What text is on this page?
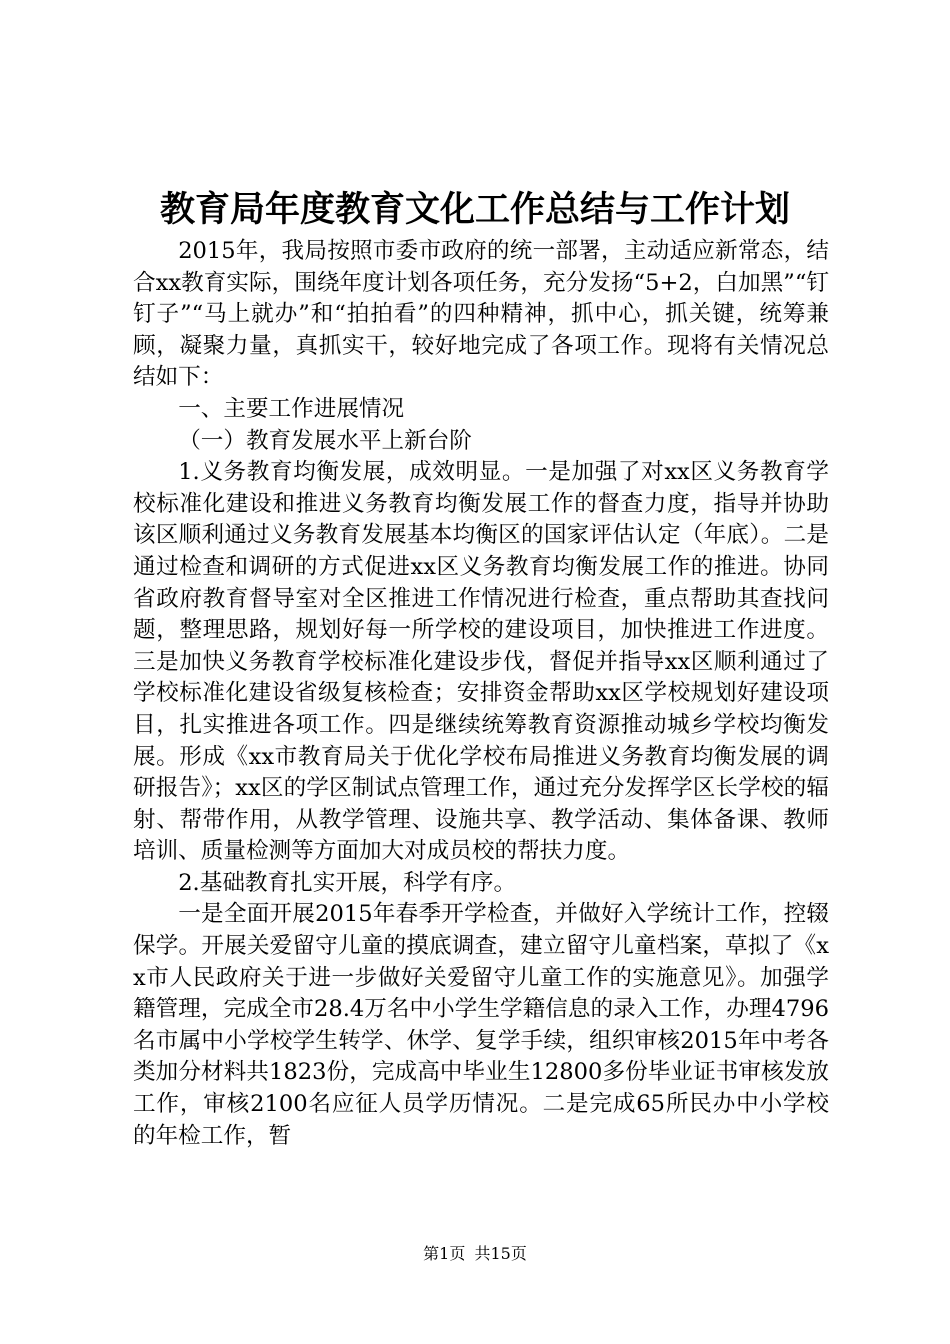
教育局年度教育文化工作总结与工作计划

2015年，我局按照市委市政府的统一部署，主动适应新常态，结合xx教育实际，围绕年度计划各项任务，充分发扬“5+2，白加黑”“钉钉子”“马上就办”和“拍拍看”的四种精神，抓中心，抓关键，统筹兼顾，凝聚力量，真抓实干，较好地完成了各项工作。现将有关情况总结如下：

一、主要工作进展情况

（一）教育发展水平上新台阶

1.义务教育均衡发展，成效明显。一是加强了对xx区义务教育学校标准化建设和推进义务教育均衡发展工作的督查力度，指导并协助该区顺利通过义务教育发展基本均衡区的国家评估认定（年底）。二是通过检查和调研的方式促进xx区义务教育均衡发展工作的推进。协同省政府教育督导室对全区推进工作情况进行检查，重点帮助其查找问题，整理思路，规划好每一所学校的建设项目，加快推进工作进度。三是加快义务教育学校标准化建设步伐，督促并指导xx区顺利通过了学校标准化建设省级复核检查；安排资金帮助xx区学校规划好建设项目，扎实推进各项工作。四是继续统筹教育资源推动城乡学校均衡发展。形成《xx市教育局关于优化学校布局推进义务教育均衡发展的调研报告》；xx区的学区制试点管理工作，通过充分发挥学区长学校的辐射、帮带作用，从教学管理、设施共享、教学活动、集体备课、教师培训、质量检测等方面加大对成员校的帮扶力度。

2.基础教育扎实开展，科学有序。

一是全面开展2015年春季开学检查，并做好入学统计工作，控辍保学。开展关爱留守儿童的摸底调查，建立留守儿童档案，草拟了《xx市人民政府关于进一步做好关爱留守儿童工作的实施意见》。加强学籍管理，完成全市28.4万名中小学生学籍信息的录入工作，办理4796名市属中小学校学生转学、休学、复学手续，组织审核2015年中考各类加分材料共1823份，完成高中毕业生12800多份毕业证书审核发放工作，审核2100名应征人员学历情况。二是完成65所民办中小学校的年检工作，暂

第1页 共15页
